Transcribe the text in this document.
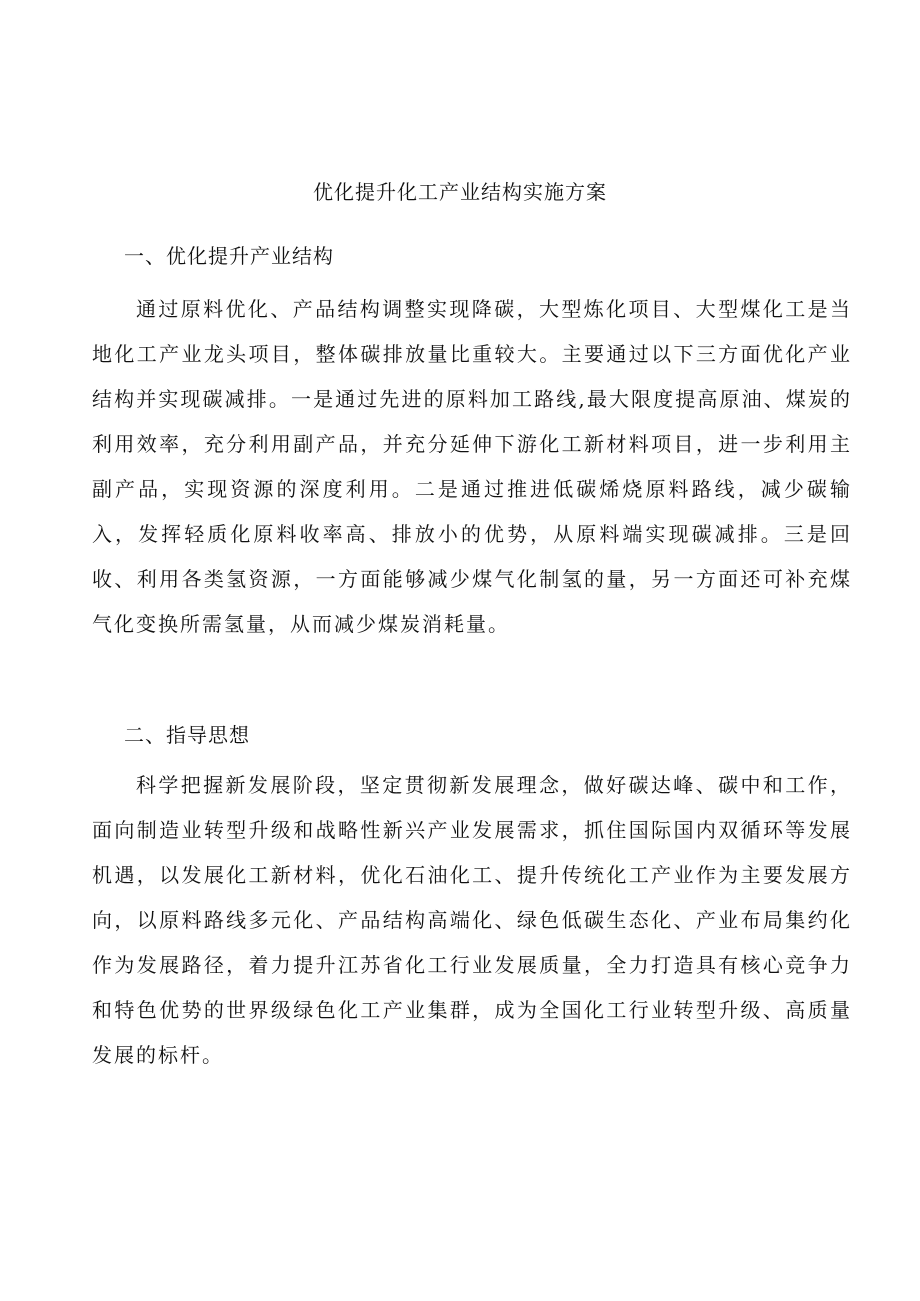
优化提升化工产业结构实施方案
一、优化提升产业结构

通过原料优化、产品结构调整实现降碳，大型炼化项目、大型煤化工是当地化工产业龙头项目，整体碳排放量比重较大。主要通过以下三方面优化产业结构并实现碳减排。一是通过先进的原料加工路线,最大限度提高原油、煤炭的利用效率，充分利用副产品，并充分延伸下游化工新材料项目，进一步利用主副产品，实现资源的深度利用。二是通过推进低碳烯烧原料路线，减少碳输入，发挥轻质化原料收率高、排放小的优势，从原料端实现碳减排。三是回收、利用各类氢资源，一方面能够减少煤气化制氢的量，另一方面还可补充煤气化变换所需氢量，从而减少煤炭消耗量。

二、指导思想

科学把握新发展阶段，坚定贯彻新发展理念，做好碳达峰、碳中和工作，面向制造业转型升级和战略性新兴产业发展需求，抓住国际国内双循环等发展机遇，以发展化工新材料，优化石油化工、提升传统化工产业作为主要发展方向，以原料路线多元化、产品结构高端化、绿色低碳生态化、产业布局集约化作为发展路径，着力提升江苏省化工行业发展质量，全力打造具有核心竞争力和特色优势的世界级绿色化工产业集群，成为全国化工行业转型升级、高质量发展的标杆。
